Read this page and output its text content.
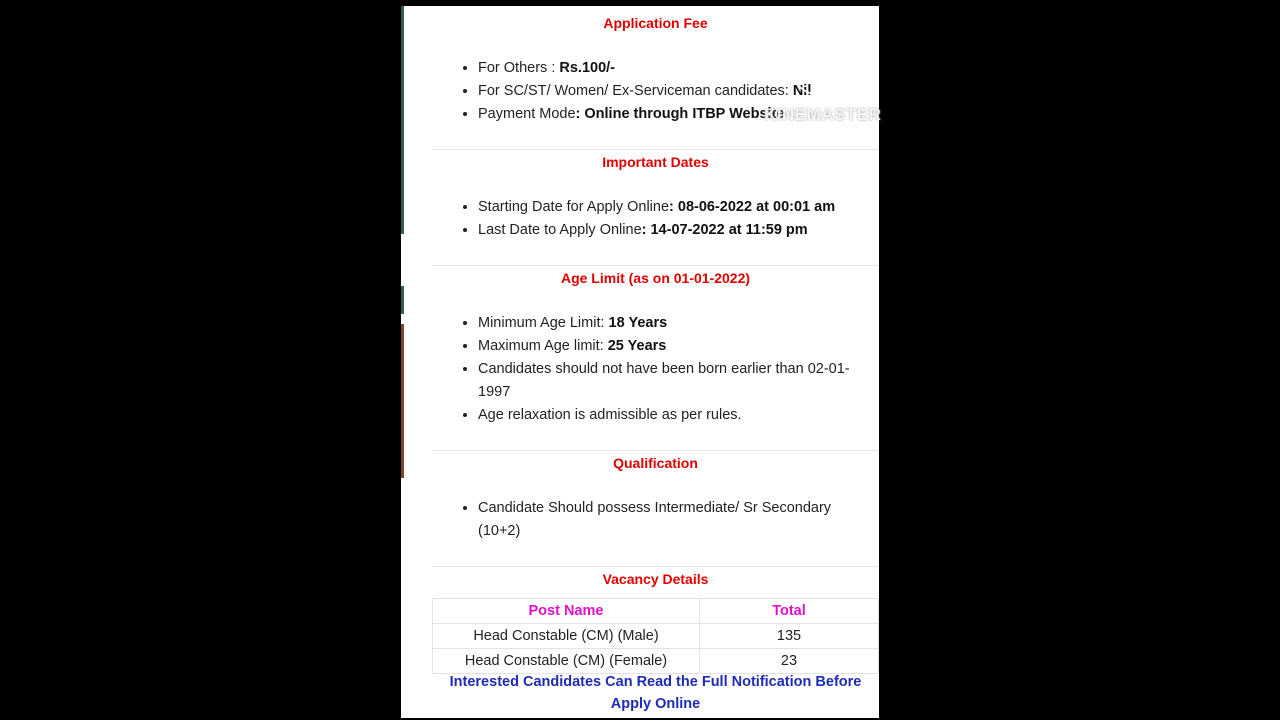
Application Fee
• For Others : Rs.100/-
• For SC/ST/ Women/ Ex-Serviceman candidates: Nil
• Payment Mode: Online through ITBP Website
Important Dates
• Starting Date for Apply Online: 08-06-2022 at 00:01 am
• Last Date to Apply Online: 14-07-2022 at 11:59 pm
Age Limit (as on 01-01-2022)
• Minimum Age Limit: 18 Years
• Maximum Age limit: 25 Years
• Candidates should not have been born earlier than 02-01-1997
• Age relaxation is admissible as per rules.
Qualification
• Candidate Should possess Intermediate/ Sr Secondary (10+2)
Vacancy Details
Post Name	Total
Head Constable (CM) (Male)	135
Head Constable (CM) (Female)	23
Interested Candidates Can Read the Full Notification Before Apply Online
K
KINEMASTER
